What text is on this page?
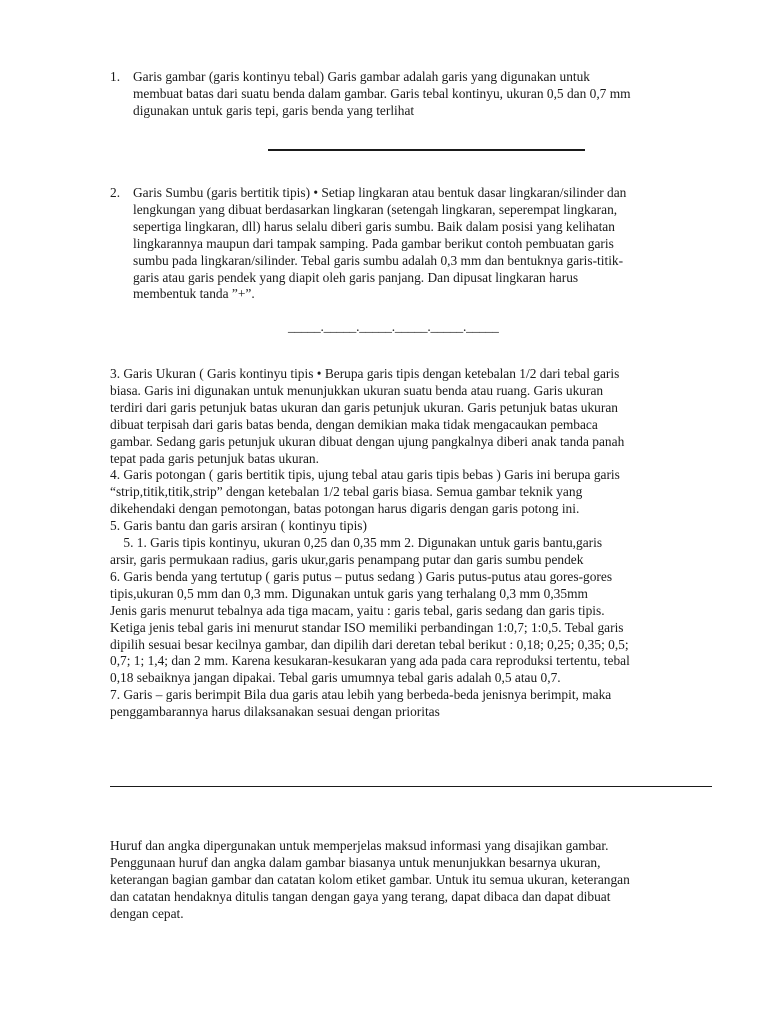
1. Garis gambar (garis kontinyu tebal) Garis gambar adalah garis yang digunakan untuk
membuat batas dari suatu benda dalam gambar. Garis tebal kontinyu, ukuran 0,5 dan 0,7 mm
digunakan untuk garis tepi, garis benda yang terlihat
2. Garis Sumbu (garis bertitik tipis) • Setiap lingkaran atau bentuk dasar lingkaran/silinder dan
lengkungan yang dibuat berdasarkan lingkaran (setengah lingkaran, seperempat lingkaran,
sepertiga lingkaran, dll) harus selalu diberi garis sumbu. Baik dalam posisi yang kelihatan
lingkarannya maupun dari tampak samping. Pada gambar berikut contoh pembuatan garis
sumbu pada lingkaran/silinder. Tebal garis sumbu adalah 0,3 mm dan bentuknya garis-titik-
garis atau garis pendek yang diapit oleh garis panjang. Dan dipusat lingkaran harus
membentuk tanda ”+”.
_____._____._____._____._____._____
3. Garis Ukuran ( Garis kontinyu tipis • Berupa garis tipis dengan ketebalan 1/2 dari tebal garis
biasa. Garis ini digunakan untuk menunjukkan ukuran suatu benda atau ruang. Garis ukuran
terdiri dari garis petunjuk batas ukuran dan garis petunjuk ukuran. Garis petunjuk batas ukuran
dibuat terpisah dari garis batas benda, dengan demikian maka tidak mengacaukan pembaca
gambar. Sedang garis petunjuk ukuran dibuat dengan ujung pangkalnya diberi anak tanda panah
tepat pada garis petunjuk batas ukuran.
4. Garis potongan ( garis bertitik tipis, ujung tebal atau garis tipis bebas ) Garis ini berupa garis
“strip,titik,titik,strip” dengan ketebalan 1/2 tebal garis biasa. Semua gambar teknik yang
dikehendaki dengan pemotongan, batas potongan harus digaris dengan garis potong ini.
5. Garis bantu dan garis arsiran ( kontinyu tipis)
5. 1. Garis tipis kontinyu, ukuran 0,25 dan 0,35 mm 2. Digunakan untuk garis bantu,garis
arsir, garis permukaan radius, garis ukur,garis penampang putar dan garis sumbu pendek
6. Garis benda yang tertutup ( garis putus – putus sedang ) Garis putus-putus atau gores-gores
tipis,ukuran 0,5 mm dan 0,3 mm. Digunakan untuk garis yang terhalang 0,3 mm 0,35mm
Jenis garis menurut tebalnya ada tiga macam, yaitu : garis tebal, garis sedang dan garis tipis.
Ketiga jenis tebal garis ini menurut standar ISO memiliki perbandingan 1:0,7; 1:0,5. Tebal garis
dipilih sesuai besar kecilnya gambar, dan dipilih dari deretan tebal berikut : 0,18; 0,25; 0,35; 0,5;
0,7; 1; 1,4; dan 2 mm. Karena kesukaran-kesukaran yang ada pada cara reproduksi tertentu, tebal
0,18 sebaiknya jangan dipakai. Tebal garis umumnya tebal garis adalah 0,5 atau 0,7.
7. Garis – garis berimpit Bila dua garis atau lebih yang berbeda-beda jenisnya berimpit, maka
penggambarannya harus dilaksanakan sesuai dengan prioritas
Huruf dan angka dipergunakan untuk memperjelas maksud informasi yang disajikan gambar.
Penggunaan huruf dan angka dalam gambar biasanya untuk menunjukkan besarnya ukuran,
keterangan bagian gambar dan catatan kolom etiket gambar. Untuk itu semua ukuran, keterangan
dan catatan hendaknya ditulis tangan dengan gaya yang terang, dapat dibaca dan dapat dibuat
dengan cepat.
